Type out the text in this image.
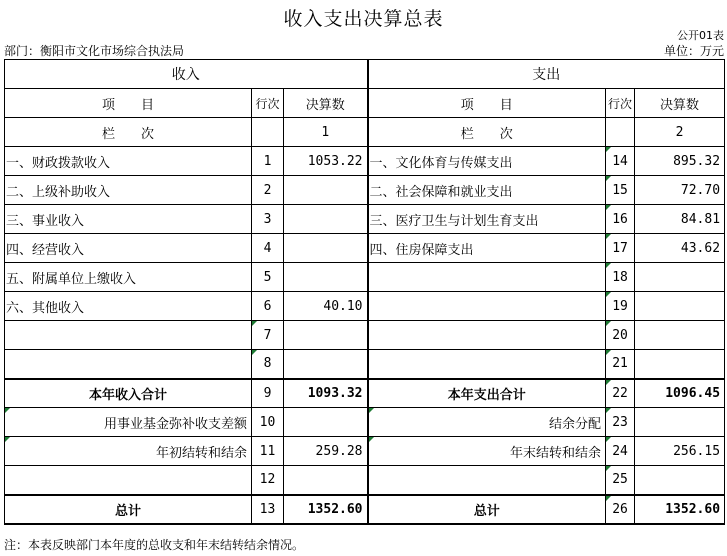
收入支出决算总表
公开01表
部门：衡阳市文化市场综合执法局	单位：万元
收入			支出		
项　　目	行次	决算数	项　　目	行次	决算数
栏　　次		1	栏　　次		2
一、财政拨款收入	1	1053.22	一、文化体育与传媒支出	14	895.32
二、上级补助收入	2		二、社会保障和就业支出	15	72.70
三、事业收入	3		三、医疗卫生与计划生育支出	16	84.81
四、经营收入	4		四、住房保障支出	17	43.62
五、附属单位上缴收入	5			18	
六、其他收入	6	40.10		19	
	7			20	
	8			21	
本年收入合计	9	1093.32	本年支出合计	22	1096.45
用事业基金弥补收支差额	10		结余分配	23	
年初结转和结余	11	259.28	年末结转和结余	24	256.15
	12			25	
总计	13	1352.60	总计	26	1352.60
注：本表反映部门本年度的总收支和年末结转结余情况。
